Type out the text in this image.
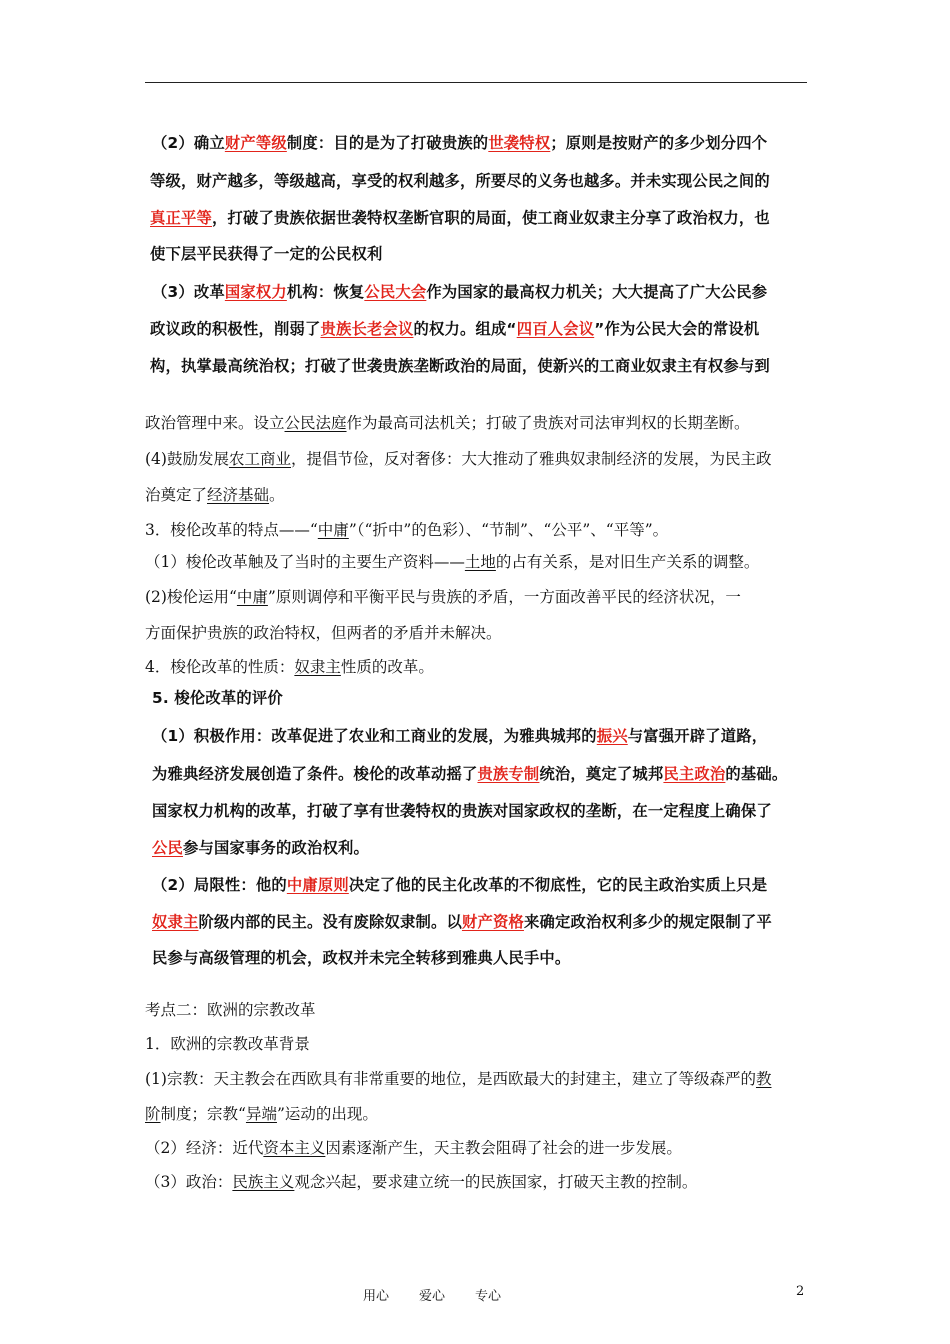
（2）确立财产等级制度：目的是为了打破贵族的世袭特权；原则是按财产的多少划分四个
等级，财产越多，等级越高，享受的权利越多，所要尽的义务也越多。并未实现公民之间的
真正平等，打破了贵族依据世袭特权垄断官职的局面，使工商业奴隶主分享了政治权力，也
使下层平民获得了一定的公民权利
（3）改革国家权力机构：恢复公民大会作为国家的最高权力机关；大大提高了广大公民参
政议政的积极性，削弱了贵族长老会议的权力。组成“四百人会议”作为公民大会的常设机
构，执掌最高统治权；打破了世袭贵族垄断政治的局面，使新兴的工商业奴隶主有权参与到
政治管理中来。设立公民法庭作为最高司法机关；打破了贵族对司法审判权的长期垄断。
(4)鼓励发展农工商业，提倡节俭，反对奢侈：大大推动了雅典奴隶制经济的发展，为民主政
治奠定了经济基础。
3．梭伦改革的特点——“中庸”（“折中”的色彩）、“节制”、“公平”、“平等”。
（1）梭伦改革触及了当时的主要生产资料——土地的占有关系，是对旧生产关系的调整。
(2)梭伦运用“中庸”原则调停和平衡平民与贵族的矛盾，一方面改善平民的经济状况，一
方面保护贵族的政治特权，但两者的矛盾并未解决。
4．梭伦改革的性质：奴隶主性质的改革。
5. 梭伦改革的评价
（1）积极作用：改革促进了农业和工商业的发展，为雅典城邦的振兴与富强开辟了道路，
为雅典经济发展创造了条件。梭伦的改革动摇了贵族专制统治，奠定了城邦民主政治的基础。
国家权力机构的改革，打破了享有世袭特权的贵族对国家政权的垄断，在一定程度上确保了
公民参与国家事务的政治权利。
（2）局限性：他的中庸原则决定了他的民主化改革的不彻底性，它的民主政治实质上只是
奴隶主阶级内部的民主。没有废除奴隶制。以财产资格来确定政治权利多少的规定限制了平
民参与高级管理的机会，政权并未完全转移到雅典人民手中。
考点二：欧洲的宗教改革
1．欧洲的宗教改革背景
(1)宗教：天主教会在西欧具有非常重要的地位，是西欧最大的封建主，建立了等级森严的教
阶制度；宗教“异端”运动的出现。
（2）经济：近代资本主义因素逐渐产生，天主教会阻碍了社会的进一步发展。
（3）政治：民族主义观念兴起，要求建立统一的民族国家，打破天主教的控制。
用心 爱心 专心	2
